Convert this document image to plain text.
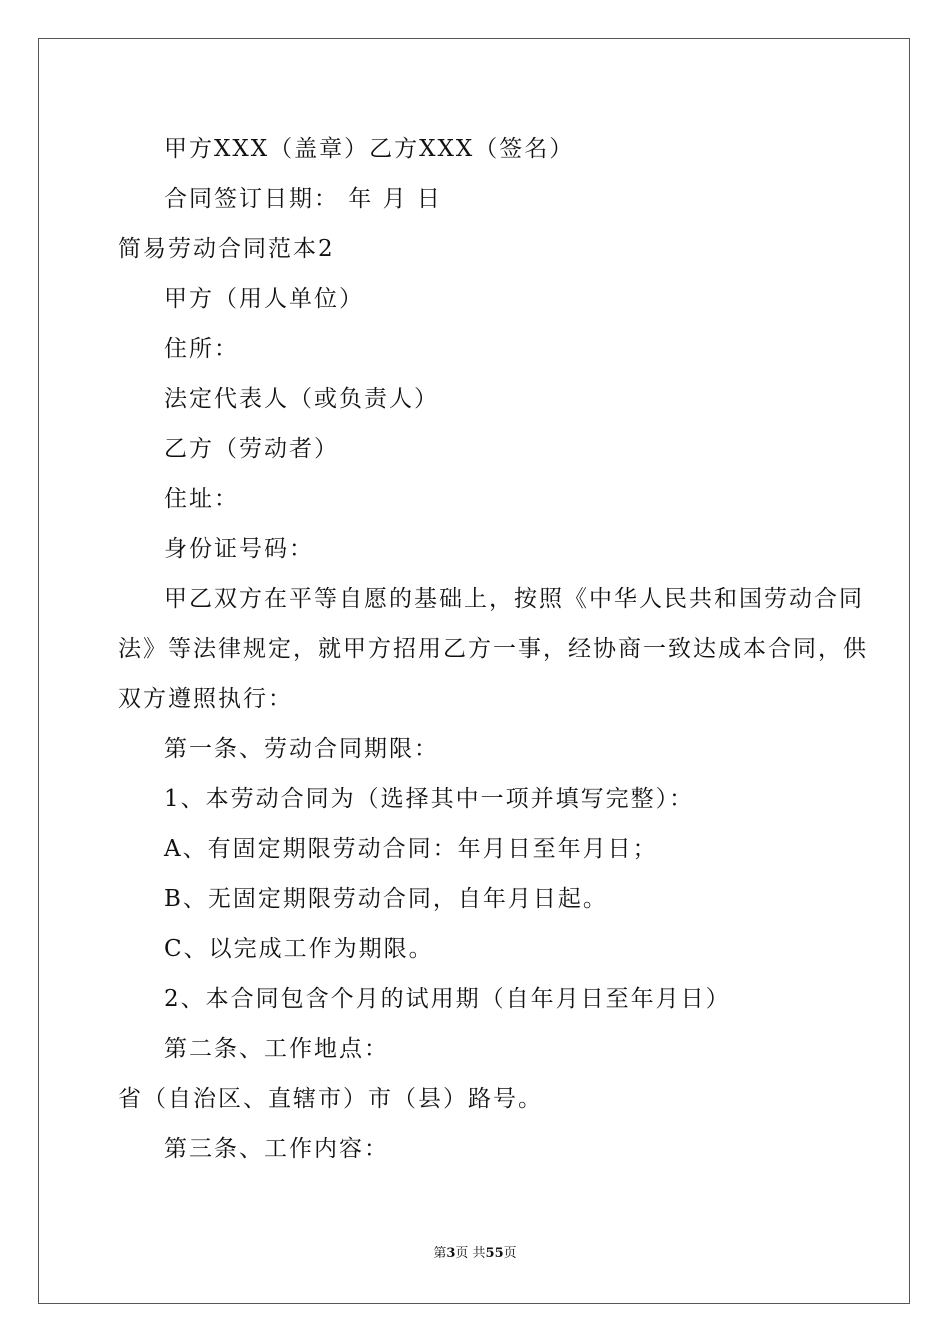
甲方XXX（盖章）乙方XXX（签名）
合同签订日期： 年 月 日
简易劳动合同范本2
甲方（用人单位）
住所：
法定代表人（或负责人）
乙方（劳动者）
住址：
身份证号码：
甲乙双方在平等自愿的基础上，按照《中华人民共和国劳动合同
法》等法律规定，就甲方招用乙方一事，经协商一致达成本合同，供
双方遵照执行：
第一条、劳动合同期限：
1、本劳动合同为（选择其中一项并填写完整）：
A、有固定期限劳动合同：年月日至年月日；
B、无固定期限劳动合同，自年月日起。
C、以完成工作为期限。
2、本合同包含个月的试用期（自年月日至年月日）
第二条、工作地点：
省（自治区、直辖市）市（县）路号。
第三条、工作内容：
第3页 共55页
